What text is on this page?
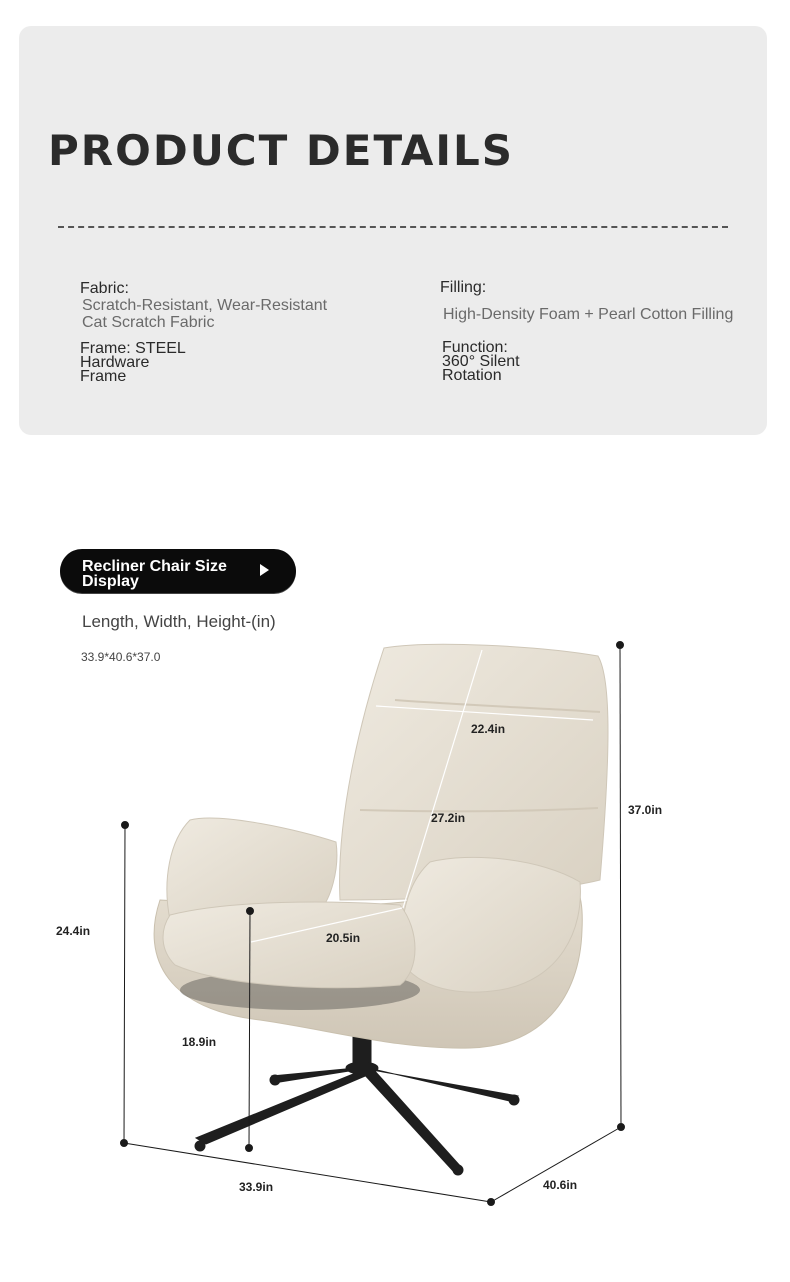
PRODUCT DETAILS
Fabric:
Scratch-Resistant, Wear-Resistant
Cat Scratch Fabric
Frame: STEEL
Hardware
Frame
Filling:
High-Density Foam + Pearl Cotton Filling
Function:
360° Silent
Rotation
Recliner Chair Size
Display
Length, Width, Height-(in)
33.9*40.6*37.0
22.4in
37.0in
27.2in
24.4in	20.5in
18.9in
33.9in	40.6in
